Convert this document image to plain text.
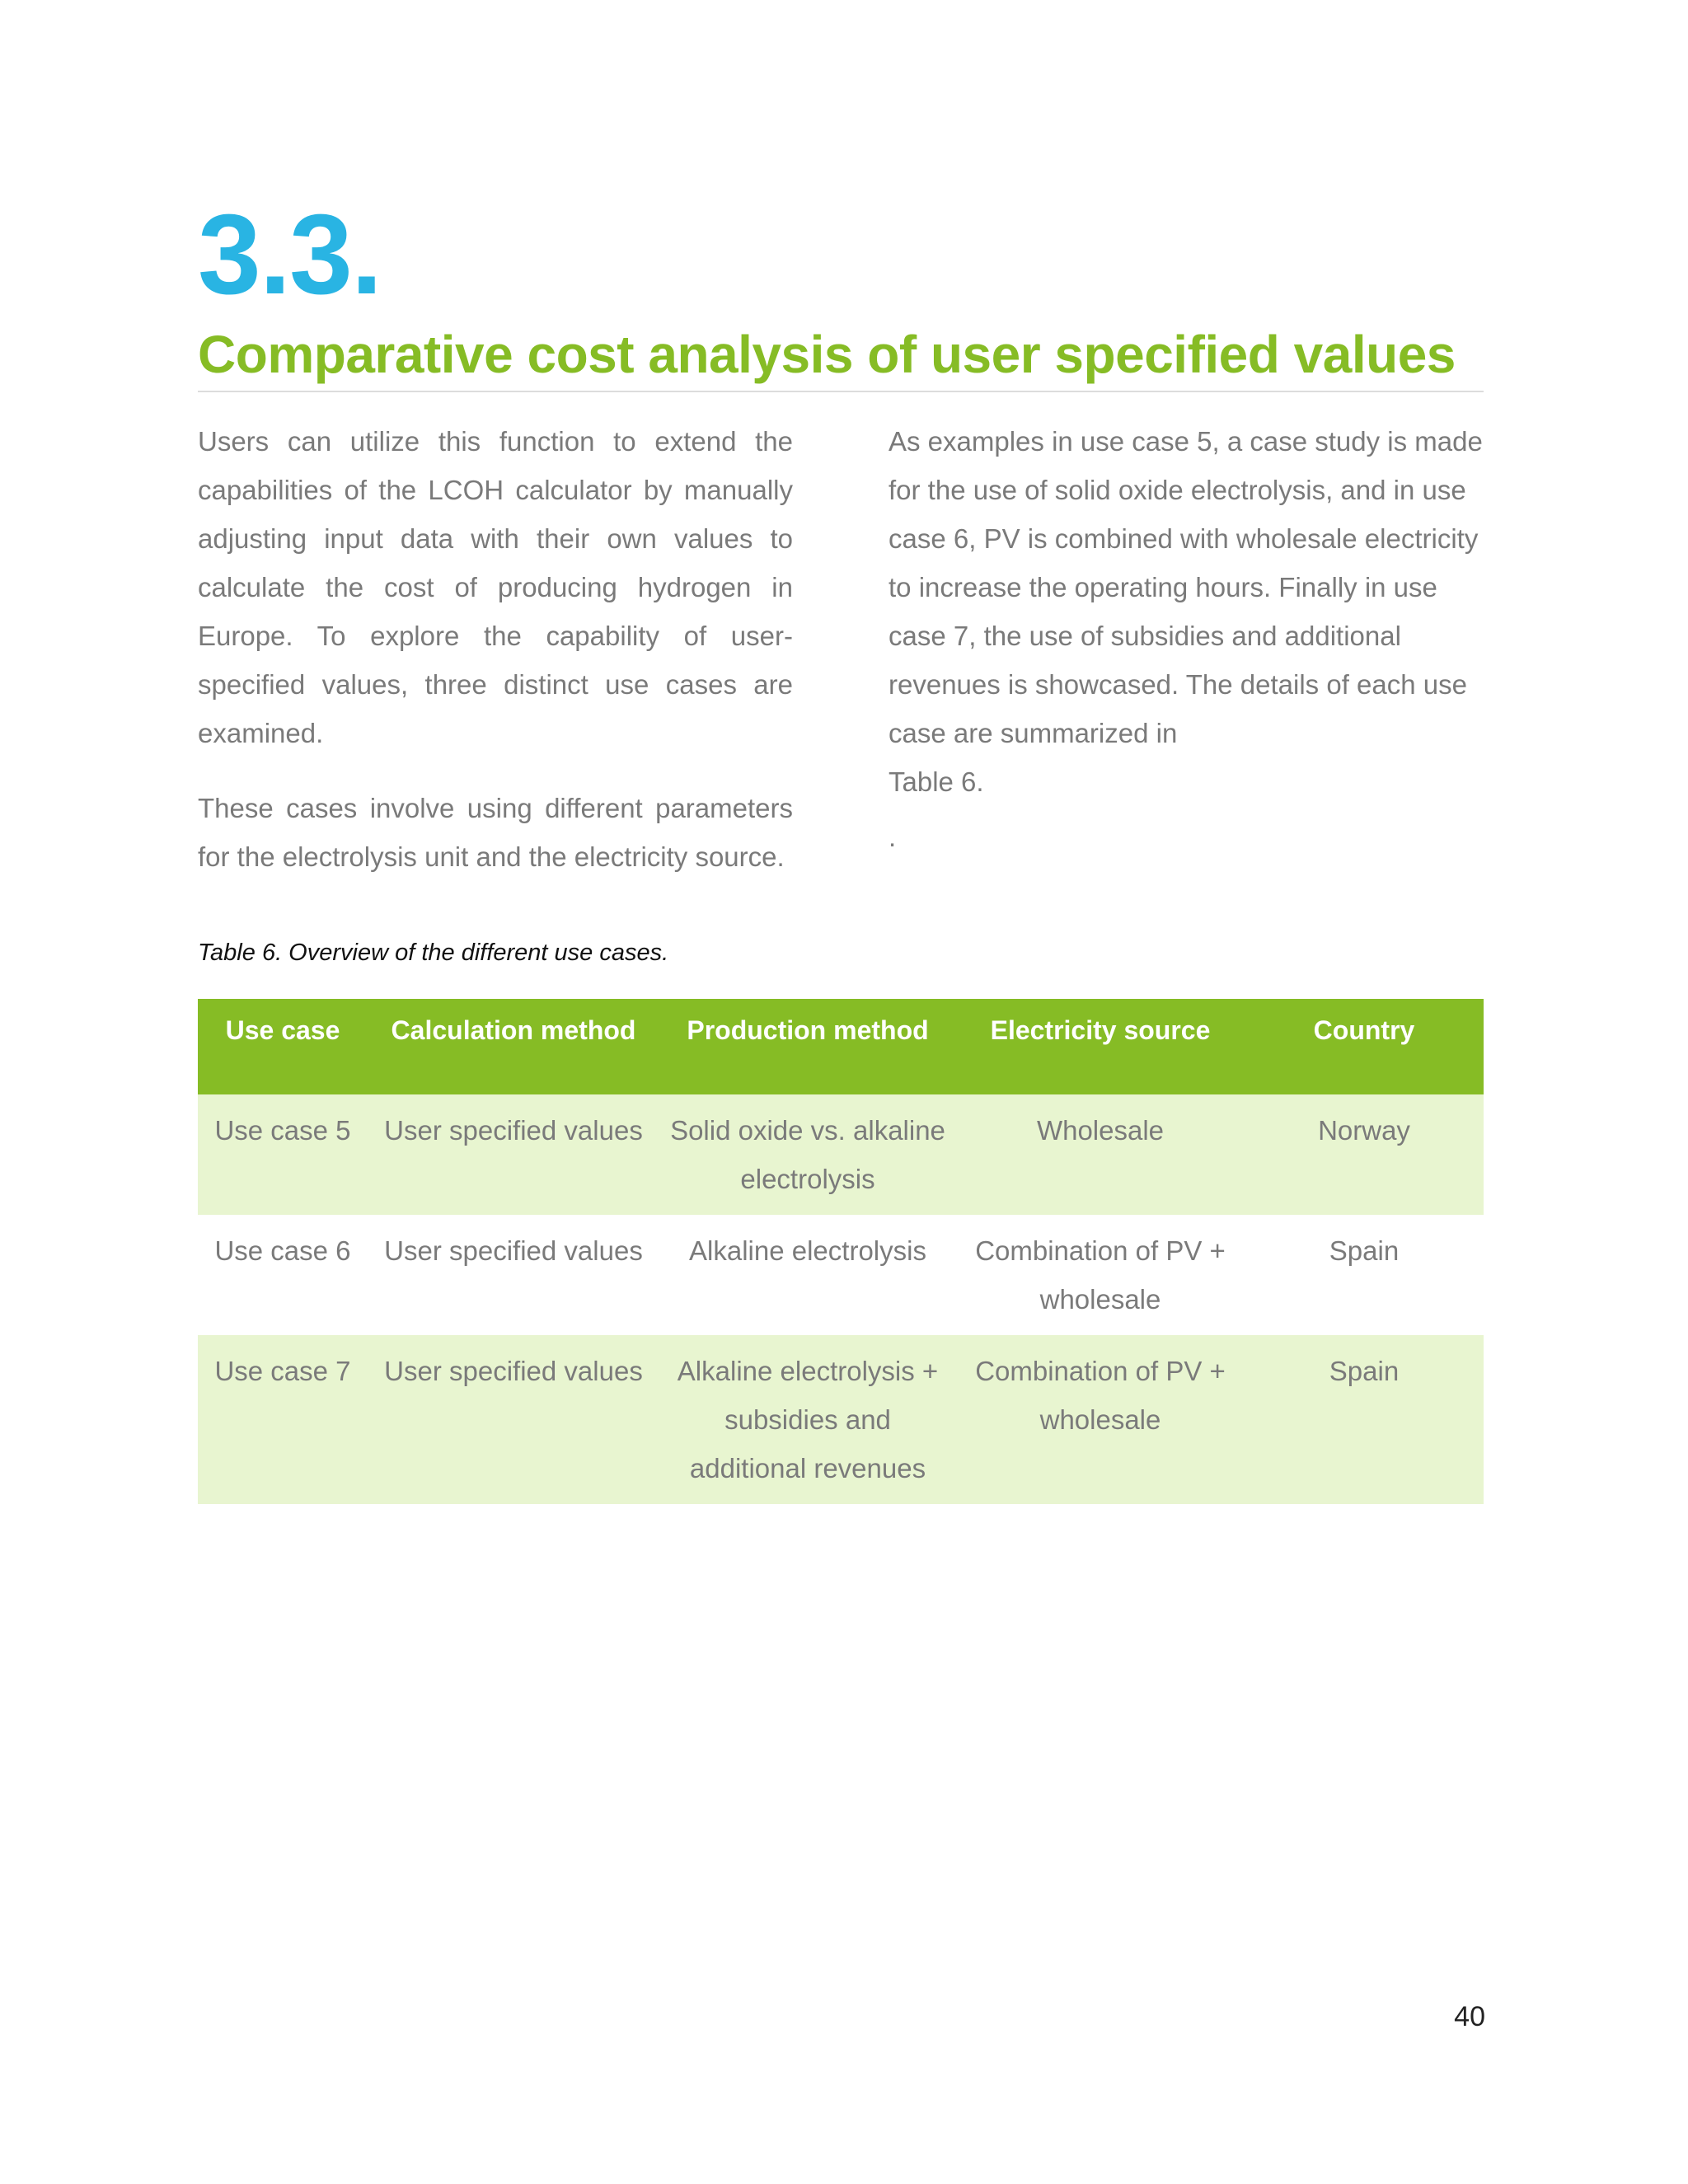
3.3.
Comparative cost analysis of user specified values

Users can utilize this function to extend the capabilities of the LCOH calculator by manually adjusting input data with their own values to calculate the cost of producing hydrogen in Europe. To explore the capability of user-specified values, three distinct use cases are examined.

These cases involve using different parameters for the electrolysis unit and the electricity source.

As examples in use case 5, a case study is made for the use of solid oxide electrolysis, and in use case 6, PV is combined with wholesale electricity to increase the operating hours. Finally in use case 7, the use of subsidies and additional revenues is showcased. The details of each use case are summarized in

Table 6.

.

Table 6. Overview of the different use cases.
Use case	Calculation method	Production method	Electricity source	Country
Use case 5	User specified values	Solid oxide vs. alkaline electrolysis	Wholesale	Norway
Use case 6	User specified values	Alkaline electrolysis	Combination of PV + wholesale	Spain
Use case 7	User specified values	Alkaline electrolysis + subsidies and additional revenues	Combination of PV + wholesale	Spain
40
